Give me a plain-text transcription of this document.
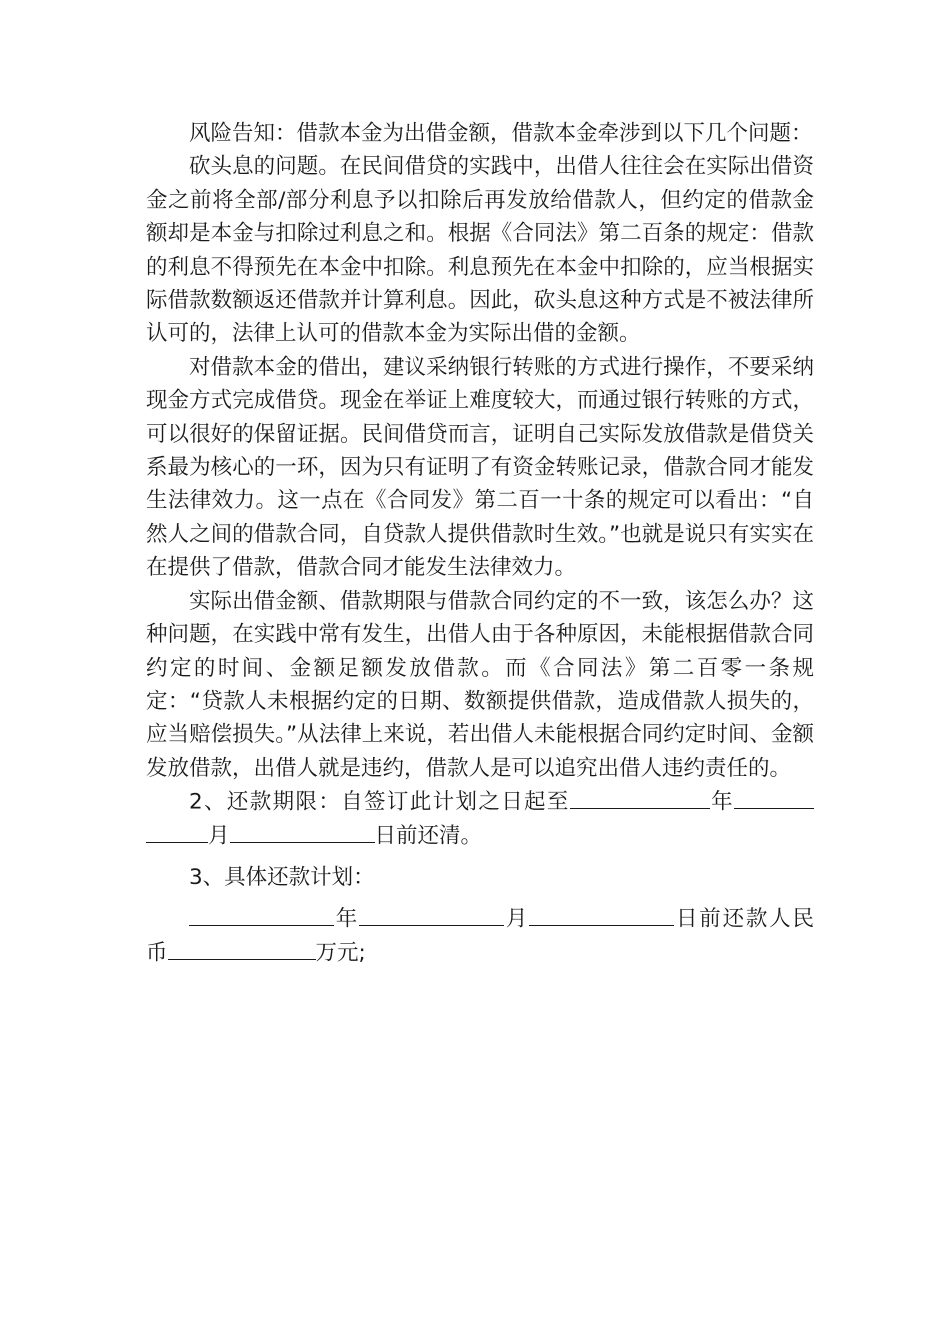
风险告知：借款本金为出借金额，借款本金牵涉到以下几个问题：

砍头息的问题。在民间借贷的实践中，出借人往往会在实际出借资金之前将全部/部分利息予以扣除后再发放给借款人，但约定的借款金额却是本金与扣除过利息之和。根据《合同法》第二百条的规定：借款的利息不得预先在本金中扣除。利息预先在本金中扣除的，应当根据实际借款数额返还借款并计算利息。因此，砍头息这种方式是不被法律所认可的，法律上认可的借款本金为实际出借的金额。

对借款本金的借出，建议采纳银行转账的方式进行操作，不要采纳现金方式完成借贷。现金在举证上难度较大，而通过银行转账的方式，可以很好的保留证据。民间借贷而言，证明自己实际发放借款是借贷关系最为核心的一环，因为只有证明了有资金转账记录，借款合同才能发生法律效力。这一点在《合同发》第二百一十条的规定可以看出：“自然人之间的借款合同，自贷款人提供借款时生效。”也就是说只有实实在在提供了借款，借款合同才能发生法律效力。

实际出借金额、借款期限与借款合同约定的不一致，该怎么办？这种问题，在实践中常有发生，出借人由于各种原因，未能根据借款合同约定的时间、金额足额发放借款。而《合同法》第二百零一条规定：“贷款人未根据约定的日期、数额提供借款，造成借款人损失的，应当赔偿损失。”从法律上来说，若出借人未能根据合同约定时间、金额发放借款，出借人就是违约，借款人是可以追究出借人违约责任的。

2、还款期限：自签订此计划之日起至	年月	日前还清。

3、具体还款计划：

年	月	日前还款人民币	万元;
